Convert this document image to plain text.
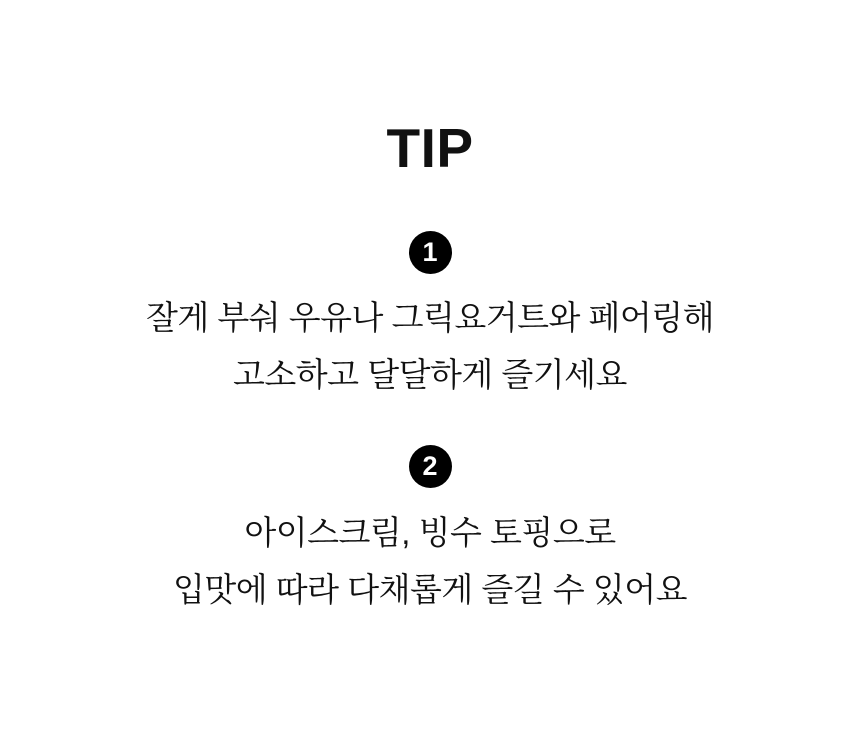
TIP
1
잘게 부숴 우유나 그릭요거트와 페어링해
고소하고 달달하게 즐기세요
2
아이스크림, 빙수 토핑으로
입맛에 따라 다채롭게 즐길 수 있어요
